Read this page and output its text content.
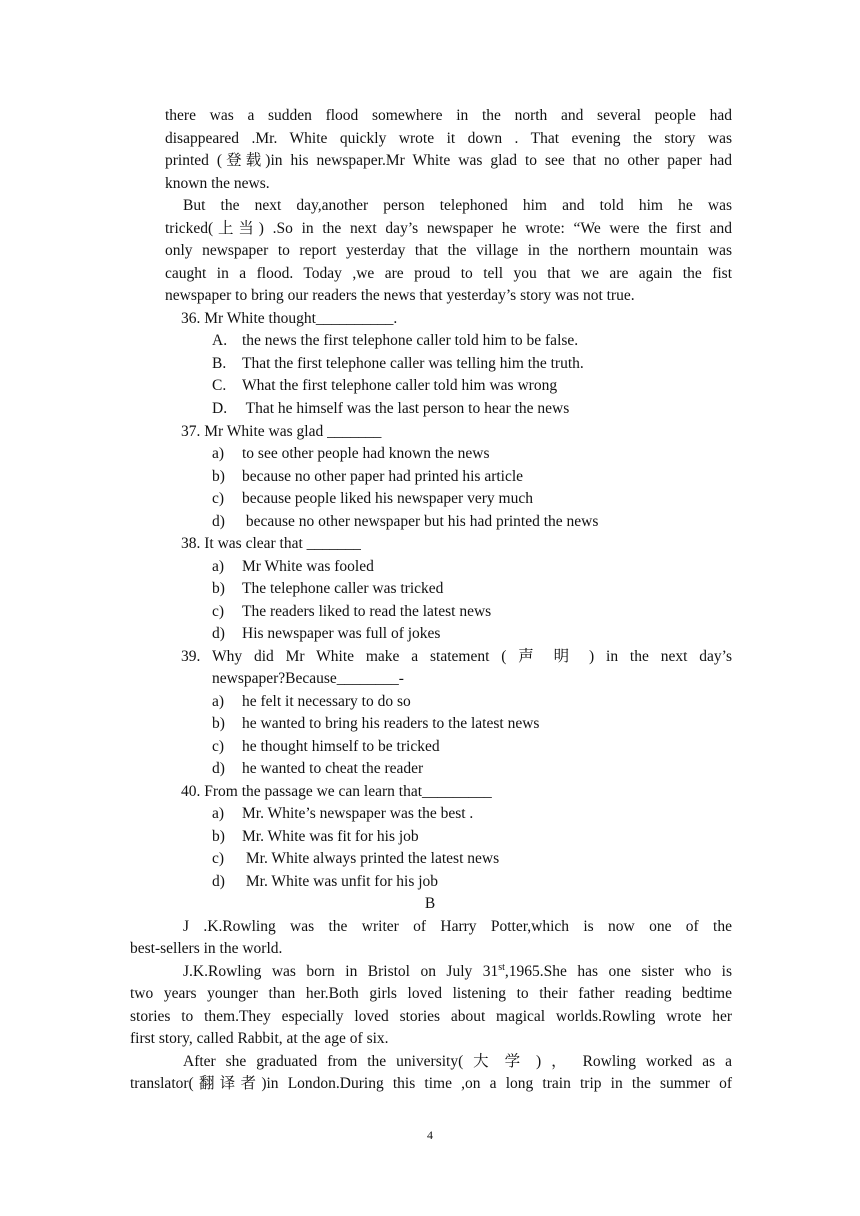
there was a sudden flood somewhere in the north and several people had
disappeared .Mr. White quickly wrote it down . That evening the story was
printed (登载)in his newspaper.Mr White was glad to see that no other paper had
known the news.
But the next day,another person telephoned him and told him he was
tricked(上当) .So in the next day’s newspaper he wrote: “We were the first and
only newspaper to report yesterday that the village in the northern mountain was
caught in a flood. Today ,we are proud to tell you that we are again the fist
newspaper to bring our readers the news that yesterday’s story was not true.
36. Mr White thought__________.
A. the news the first telephone caller told him to be false.
B. That the first telephone caller was telling him the truth.
C. What the first telephone caller told him was wrong
D. That he himself was the last person to hear the news
37. Mr White was glad _______
a) to see other people had known the news
b) because no other paper had printed his article
c) because people liked his newspaper very much
d) because no other newspaper but his had printed the news
38. It was clear that _______
a) Mr White was fooled
b) The telephone caller was tricked
c) The readers liked to read the latest news
d) His newspaper was full of jokes
39. Why did Mr White make a statement ( 声 明 ) in the next day’s
newspaper?Because________-
a) he felt it necessary to do so
b) he wanted to bring his readers to the latest news
c) he thought himself to be tricked
d) he wanted to cheat the reader
40. From the passage we can learn that_________
a) Mr. White’s newspaper was the best .
b) Mr. White was fit for his job
c) Mr. White always printed the latest news
d) Mr. White was unfit for his job
B
J .K.Rowling was the writer of Harry Potter,which is now one of the
best-sellers in the world.
J.K.Rowling was born in Bristol on July 31st,1965.She has one sister who is
two years younger than her.Both girls loved listening to their father reading bedtime
stories to them.They especially loved stories about magical worlds.Rowling wrote her
first story, called Rabbit, at the age of six.
After she graduated from the university( 大 学 ) ， Rowling worked as a
translator(翻译者)in London.During this time ,on a long train trip in the summer of
4
